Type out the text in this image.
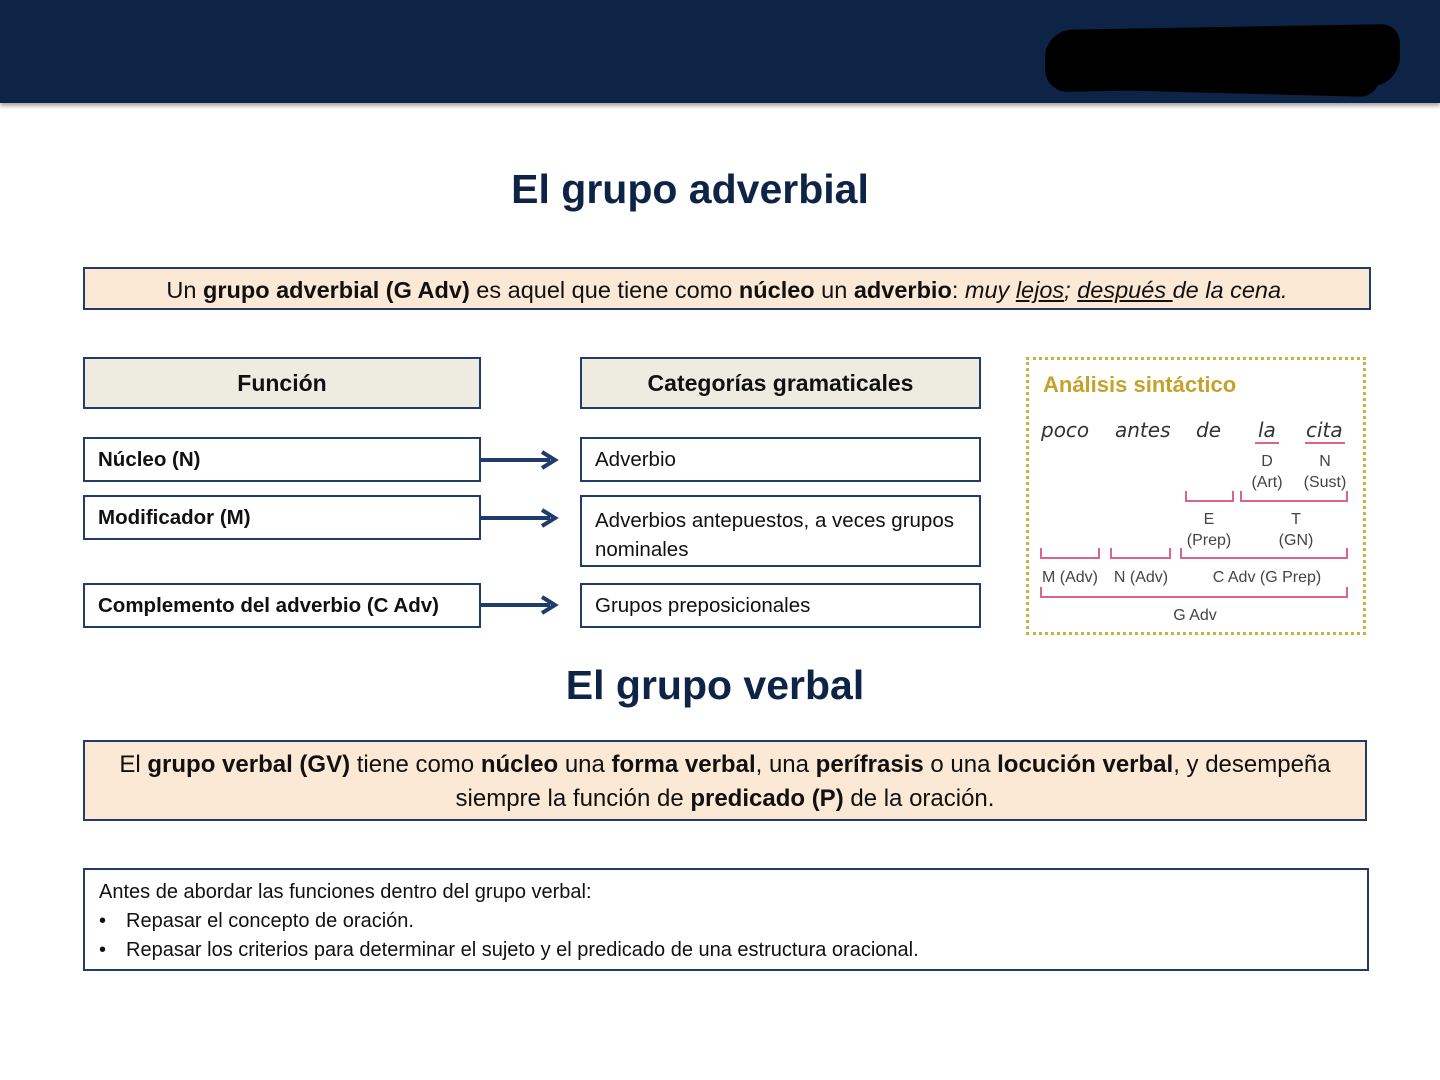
El grupo adverbial
Un grupo adverbial (G Adv) es aquel que tiene como núcleo un adverbio: muy lejos; después de la cena.
Función	Categorías gramaticales
Núcleo (N)	Adverbio
Modificador (M)	Adverbios antepuestos, a veces grupos nominales
Complemento del adverbio (C Adv)	Grupos preposicionales
Análisis sintáctico
poco antes de la cita
D
(Art)
N
(Sust)
E
(Prep)
T
(GN)
M (Adv) N (Adv)	C Adv (G Prep)
G Adv
El grupo verbal
El grupo verbal (GV) tiene como núcleo una forma verbal, una perífrasis o una locución verbal, y desempeña siempre la función de predicado (P) de la oración.
Antes de abordar las funciones dentro del grupo verbal:
• Repasar el concepto de oración.
• Repasar los criterios para determinar el sujeto y el predicado de una estructura oracional.
